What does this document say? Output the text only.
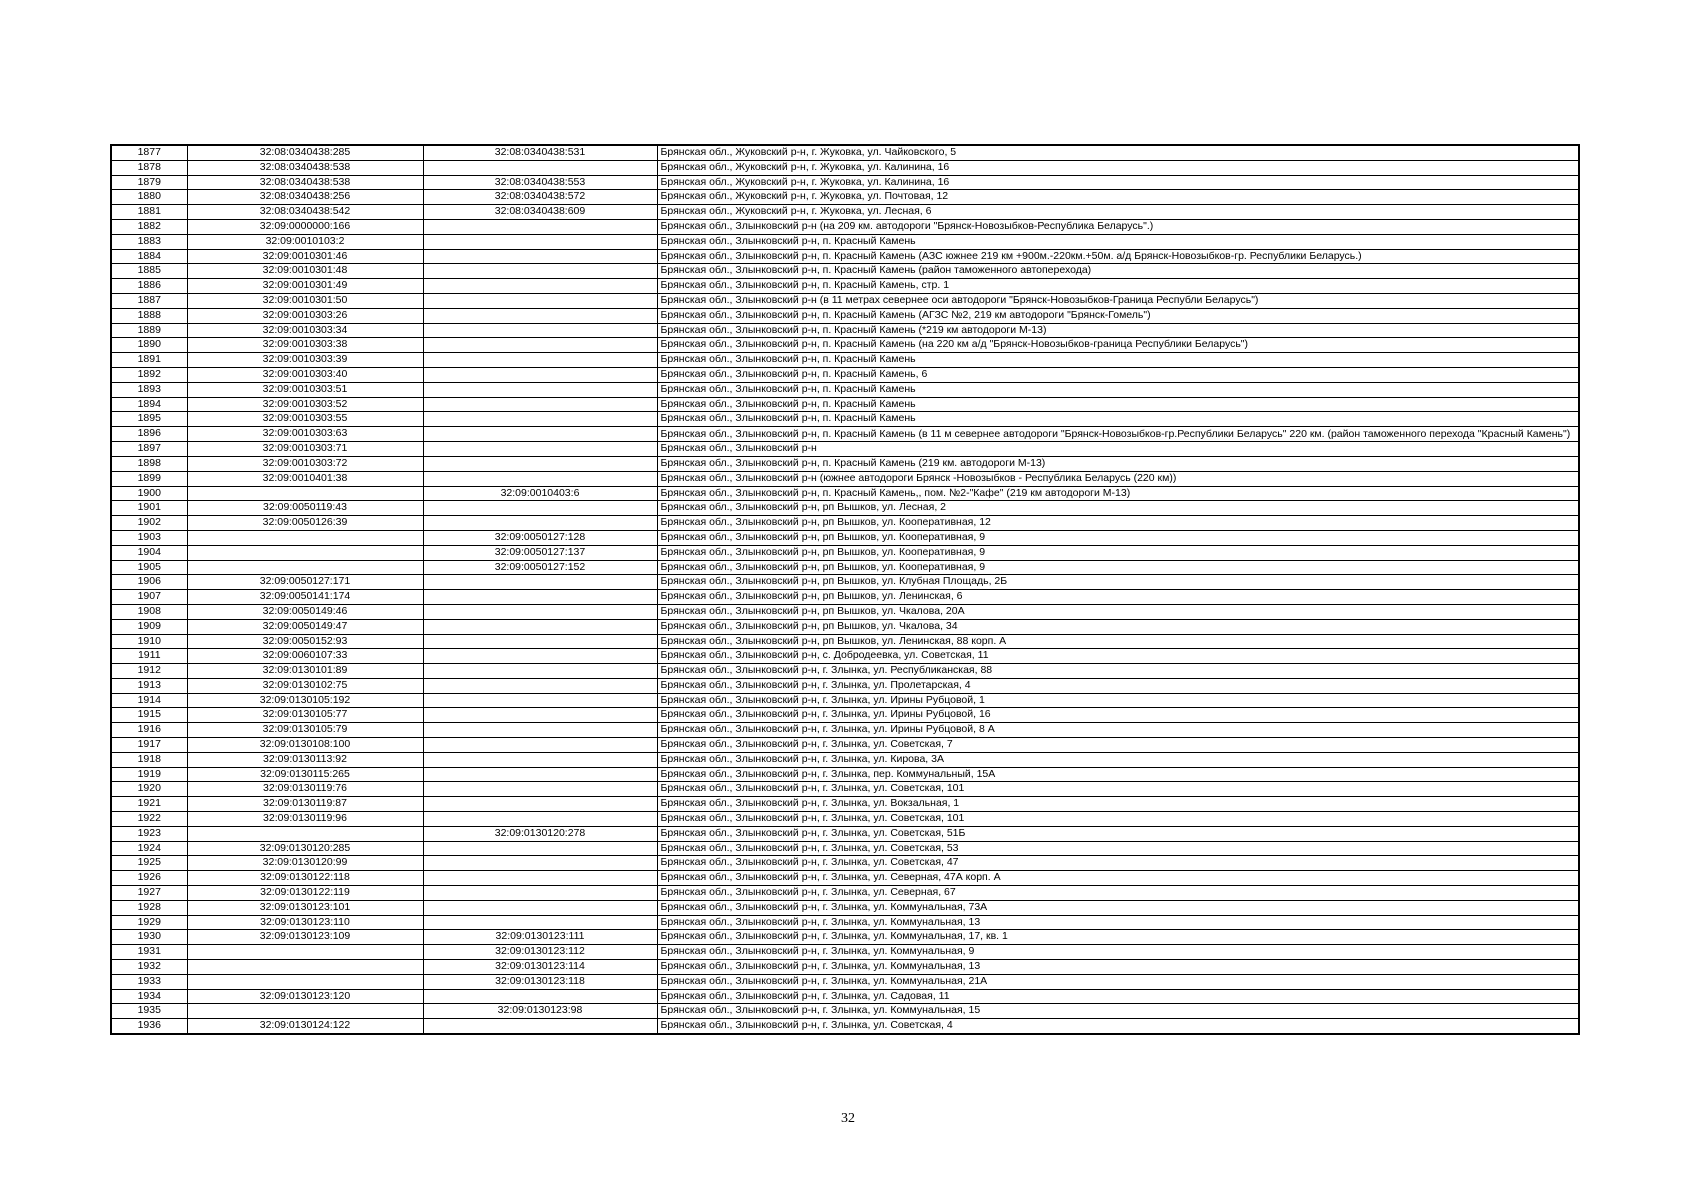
1877	32:08:0340438:285	32:08:0340438:531	Брянская обл., Жуковский р-н, г. Жуковка, ул. Чайковского, 5
1878	32:08:0340438:538		Брянская обл., Жуковский р-н, г. Жуковка, ул. Калинина, 16
1879	32:08:0340438:538	32:08:0340438:553	Брянская обл., Жуковский р-н, г. Жуковка, ул. Калинина, 16
1880	32:08:0340438:256	32:08:0340438:572	Брянская обл., Жуковский р-н, г. Жуковка, ул. Почтовая, 12
1881	32:08:0340438:542	32:08:0340438:609	Брянская обл., Жуковский р-н, г. Жуковка, ул. Лесная, 6
1882	32:09:0000000:166		Брянская обл., Злынковский р-н (на 209 км. автодороги "Брянск-Новозыбков-Республика Беларусь".)
1883	32:09:0010103:2		Брянская обл., Злынковский р-н, п. Красный Камень
1884	32:09:0010301:46		Брянская обл., Злынковский р-н, п. Красный Камень (АЗС южнее 219 км +900м.-220км.+50м. а/д Брянск-Новозыбков-гр. Республики Беларусь.)
1885	32:09:0010301:48		Брянская обл., Злынковский р-н, п. Красный Камень (район таможенного автоперехода)
1886	32:09:0010301:49		Брянская обл., Злынковский р-н, п. Красный Камень, стр. 1
1887	32:09:0010301:50		Брянская обл., Злынковский р-н (в 11 метрах севернее оси автодороги "Брянск-Новозыбков-Граница Республи Беларусь")
1888	32:09:0010303:26		Брянская обл., Злынковский р-н, п. Красный Камень (АГЗС №2, 219 км автодороги "Брянск-Гомель")
1889	32:09:0010303:34		Брянская обл., Злынковский р-н, п. Красный Камень (*219 км автодороги М-13)
1890	32:09:0010303:38		Брянская обл., Злынковский р-н, п. Красный Камень (на 220 км а/д "Брянск-Новозыбков-граница Республики Беларусь")
1891	32:09:0010303:39		Брянская обл., Злынковский р-н, п. Красный Камень
1892	32:09:0010303:40		Брянская обл., Злынковский р-н, п. Красный Камень, 6
1893	32:09:0010303:51		Брянская обл., Злынковский р-н, п. Красный Камень
1894	32:09:0010303:52		Брянская обл., Злынковский р-н, п. Красный Камень
1895	32:09:0010303:55		Брянская обл., Злынковский р-н, п. Красный Камень
1896	32:09:0010303:63		Брянская обл., Злынковский р-н, п. Красный Камень (в 11 м севернее автодороги "Брянск-Новозыбков-гр.Республики Беларусь" 220 км. (район таможенного перехода "Красный Камень")
1897	32:09:0010303:71		Брянская обл., Злынковский р-н
1898	32:09:0010303:72		Брянская обл., Злынковский р-н, п. Красный Камень (219 км. автодороги М-13)
1899	32:09:0010401:38		Брянская обл., Злынковский р-н (южнее автодороги Брянск -Новозыбков - Республика Беларусь (220 км))
1900		32:09:0010403:6	Брянская обл., Злынковский р-н, п. Красный Камень,, пом. №2-"Кафе" (219 км автодороги М-13)
1901	32:09:0050119:43		Брянская обл., Злынковский р-н, рп Вышков, ул. Лесная, 2
1902	32:09:0050126:39		Брянская обл., Злынковский р-н, рп Вышков, ул. Кооперативная, 12
1903		32:09:0050127:128	Брянская обл., Злынковский р-н, рп Вышков, ул. Кооперативная, 9
1904		32:09:0050127:137	Брянская обл., Злынковский р-н, рп Вышков, ул. Кооперативная, 9
1905		32:09:0050127:152	Брянская обл., Злынковский р-н, рп Вышков, ул. Кооперативная, 9
1906	32:09:0050127:171		Брянская обл., Злынковский р-н, рп Вышков, ул. Клубная Площадь, 2Б
1907	32:09:0050141:174		Брянская обл., Злынковский р-н, рп Вышков, ул. Ленинская, 6
1908	32:09:0050149:46		Брянская обл., Злынковский р-н, рп Вышков, ул. Чкалова, 20А
1909	32:09:0050149:47		Брянская обл., Злынковский р-н, рп Вышков, ул. Чкалова, 34
1910	32:09:0050152:93		Брянская обл., Злынковский р-н, рп Вышков, ул. Ленинская, 88 корп. А
1911	32:09:0060107:33		Брянская обл., Злынковский р-н, с. Добродеевка, ул. Советская, 11
1912	32:09:0130101:89		Брянская обл., Злынковский р-н, г. Злынка, ул. Республиканская, 88
1913	32:09:0130102:75		Брянская обл., Злынковский р-н, г. Злынка, ул. Пролетарская, 4
1914	32:09:0130105:192		Брянская обл., Злынковский р-н, г. Злынка, ул. Ирины Рубцовой, 1
1915	32:09:0130105:77		Брянская обл., Злынковский р-н, г. Злынка, ул. Ирины Рубцовой, 16
1916	32:09:0130105:79		Брянская обл., Злынковский р-н, г. Злынка, ул. Ирины Рубцовой, 8 А
1917	32:09:0130108:100		Брянская обл., Злынковский р-н, г. Злынка, ул. Советская, 7
1918	32:09:0130113:92		Брянская обл., Злынковский р-н, г. Злынка, ул. Кирова, 3А
1919	32:09:0130115:265		Брянская обл., Злынковский р-н, г. Злынка, пер. Коммунальный, 15А
1920	32:09:0130119:76		Брянская обл., Злынковский р-н, г. Злынка, ул. Советская, 101
1921	32:09:0130119:87		Брянская обл., Злынковский р-н, г. Злынка, ул. Вокзальная, 1
1922	32:09:0130119:96		Брянская обл., Злынковский р-н, г. Злынка, ул. Советская, 101
1923		32:09:0130120:278	Брянская обл., Злынковский р-н, г. Злынка, ул. Советская, 51Б
1924	32:09:0130120:285		Брянская обл., Злынковский р-н, г. Злынка, ул. Советская, 53
1925	32:09:0130120:99		Брянская обл., Злынковский р-н, г. Злынка, ул. Советская, 47
1926	32:09:0130122:118		Брянская обл., Злынковский р-н, г. Злынка, ул. Северная, 47А корп. А
1927	32:09:0130122:119		Брянская обл., Злынковский р-н, г. Злынка, ул. Северная, 67
1928	32:09:0130123:101		Брянская обл., Злынковский р-н, г. Злынка, ул. Коммунальная, 73А
1929	32:09:0130123:110		Брянская обл., Злынковский р-н, г. Злынка, ул. Коммунальная, 13
1930	32:09:0130123:109	32:09:0130123:111	Брянская обл., Злынковский р-н, г. Злынка, ул. Коммунальная, 17, кв. 1
1931		32:09:0130123:112	Брянская обл., Злынковский р-н, г. Злынка, ул. Коммунальная, 9
1932		32:09:0130123:114	Брянская обл., Злынковский р-н, г. Злынка, ул. Коммунальная, 13
1933		32:09:0130123:118	Брянская обл., Злынковский р-н, г. Злынка, ул. Коммунальная, 21А
1934	32:09:0130123:120		Брянская обл., Злынковский р-н, г. Злынка, ул. Садовая, 11
1935		32:09:0130123:98	Брянская обл., Злынковский р-н, г. Злынка, ул. Коммунальная, 15
1936	32:09:0130124:122		Брянская обл., Злынковский р-н, г. Злынка, ул. Советская, 4
32
